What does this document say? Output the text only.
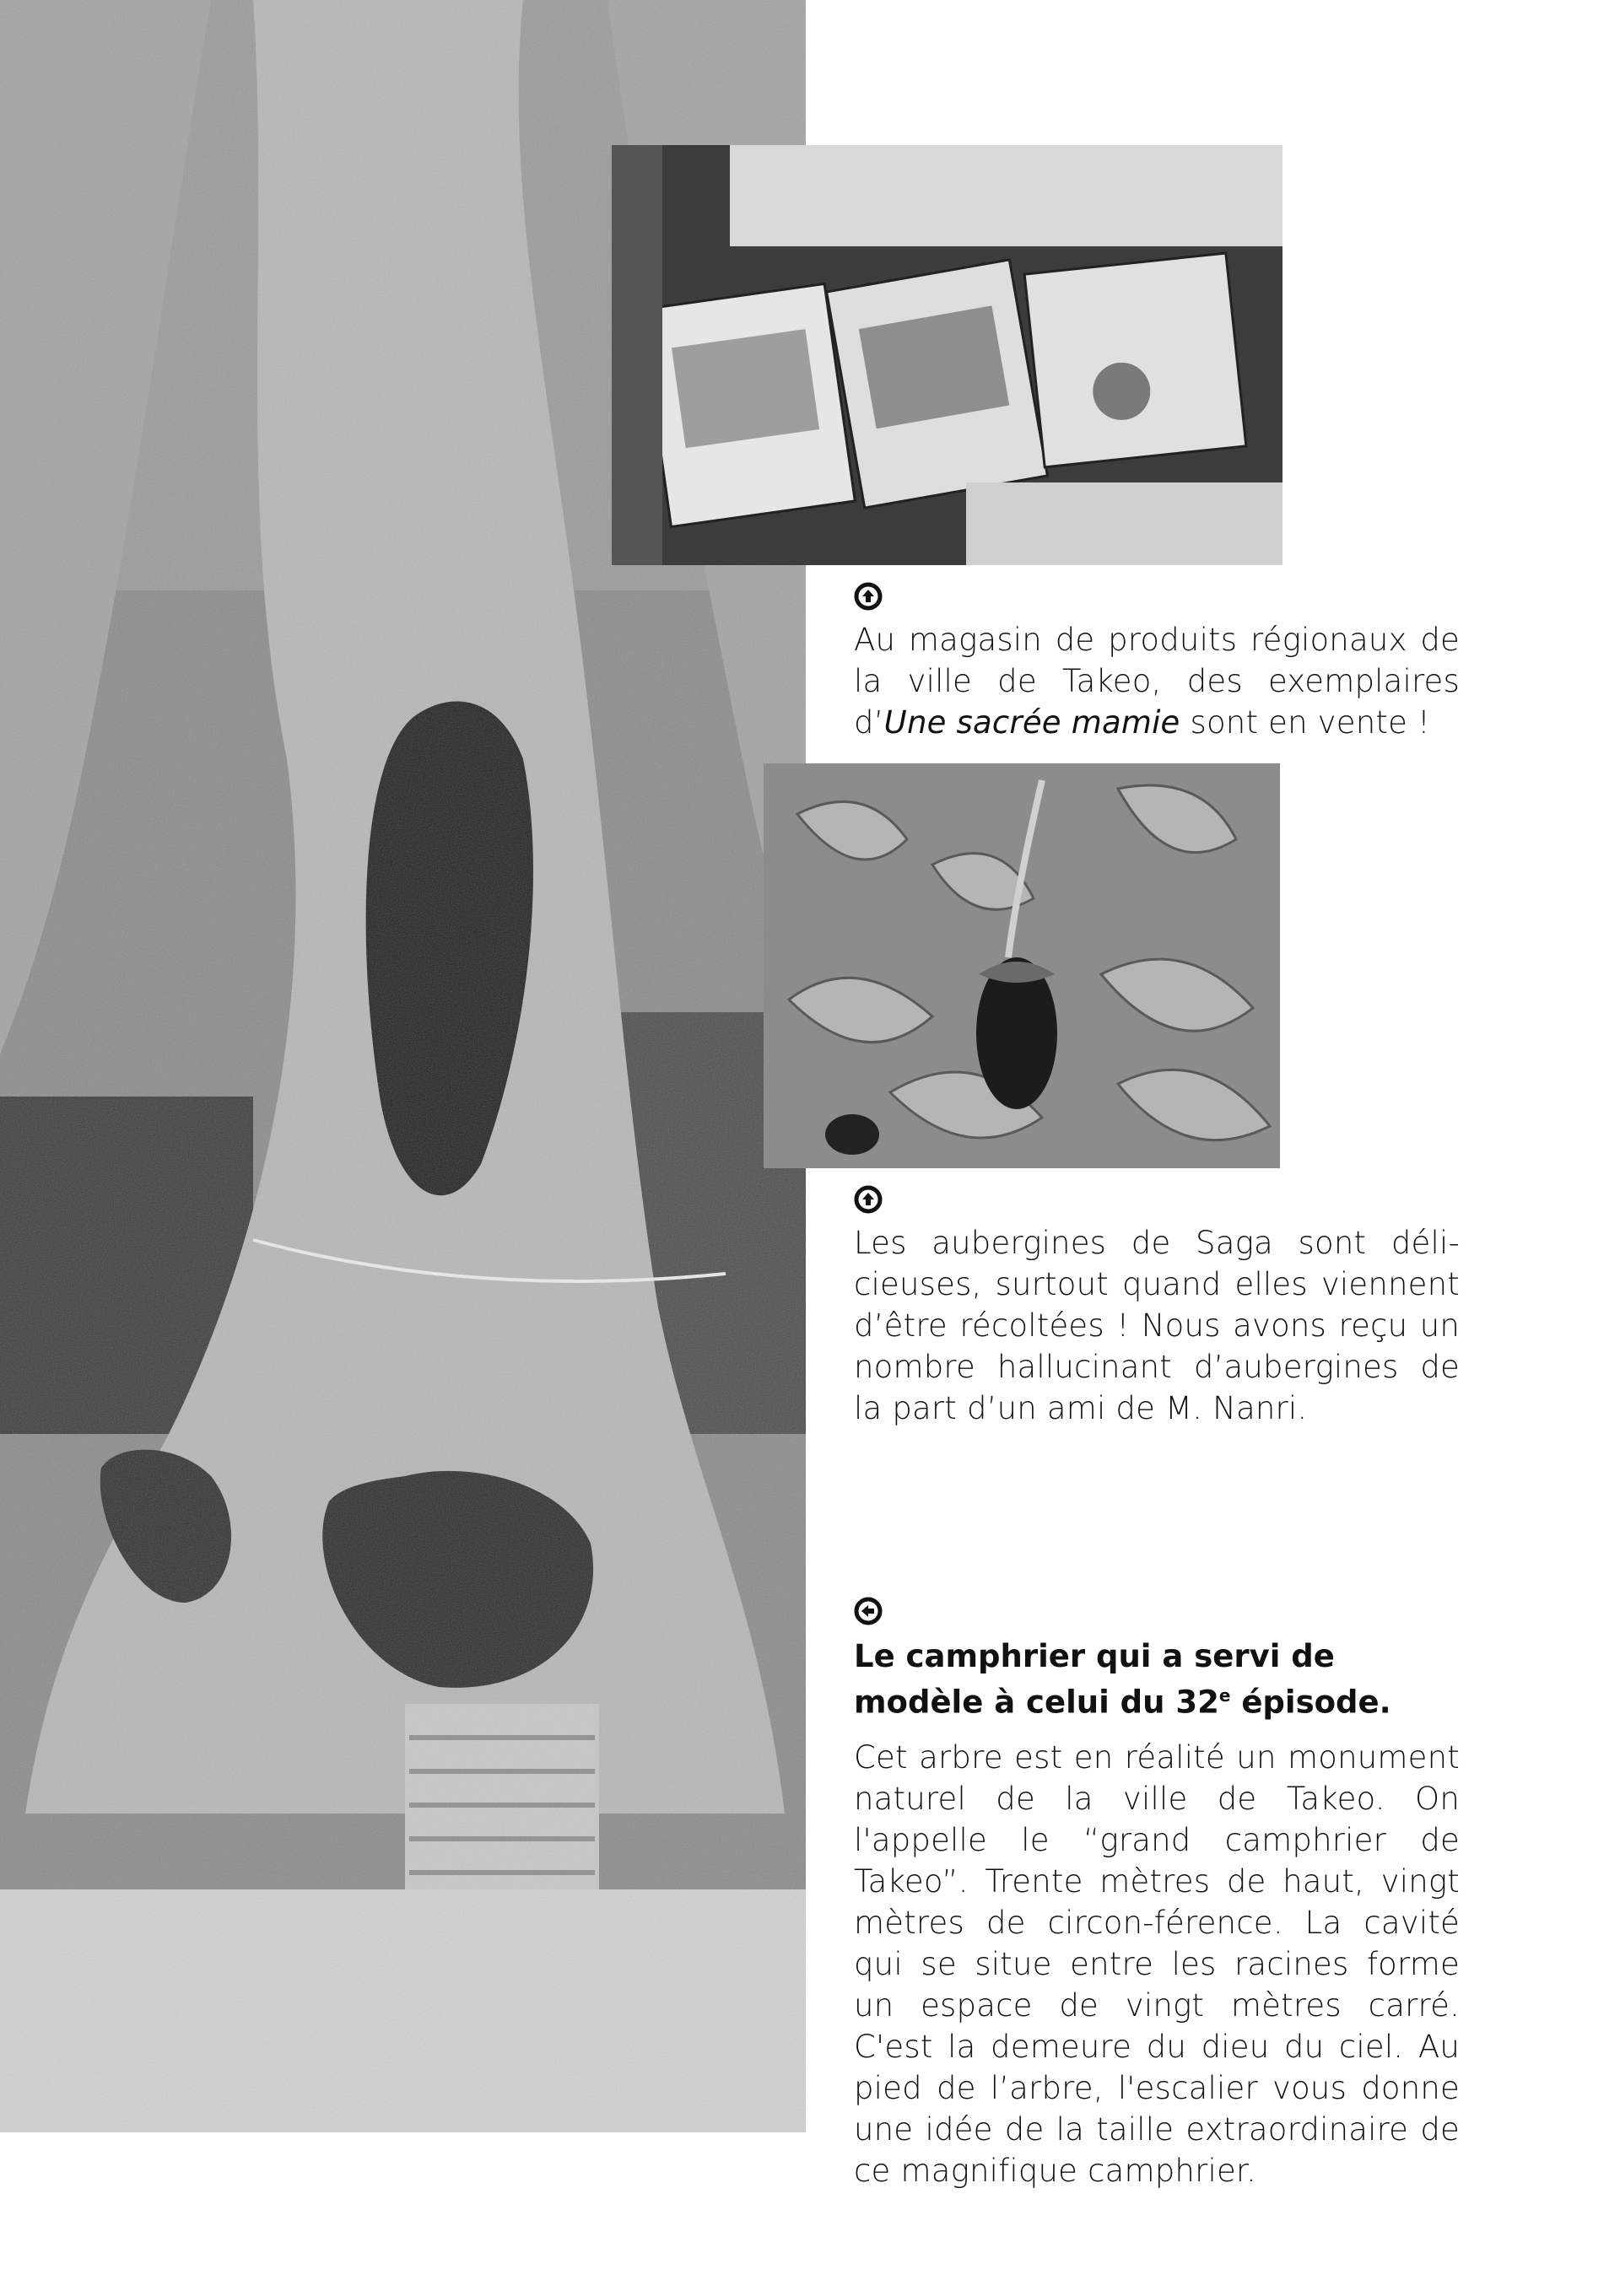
Au magasin de produits régionaux de la ville de Takeo, des exemplaires d’Une sacrée mamie sont en vente !
Les aubergines de Saga sont déli-cieuses, surtout quand elles viennent d’être récoltées ! Nous avons reçu un nombre hallucinant d’aubergines de la part d’un ami de M. Nanri.
Le camphrier qui a servi de modèle à celui du 32e épisode.
Cet arbre est en réalité un monument naturel de la ville de Takeo. On l'appelle le “grand camphrier de Takeo”. Trente mètres de haut, vingt mètres de circon-férence. La cavité qui se situe entre les racines forme un espace de vingt mètres carré. C'est la demeure du dieu du ciel. Au pied de l’arbre, l'escalier vous donne une idée de la taille extraordinaire de ce magnifique camphrier.
